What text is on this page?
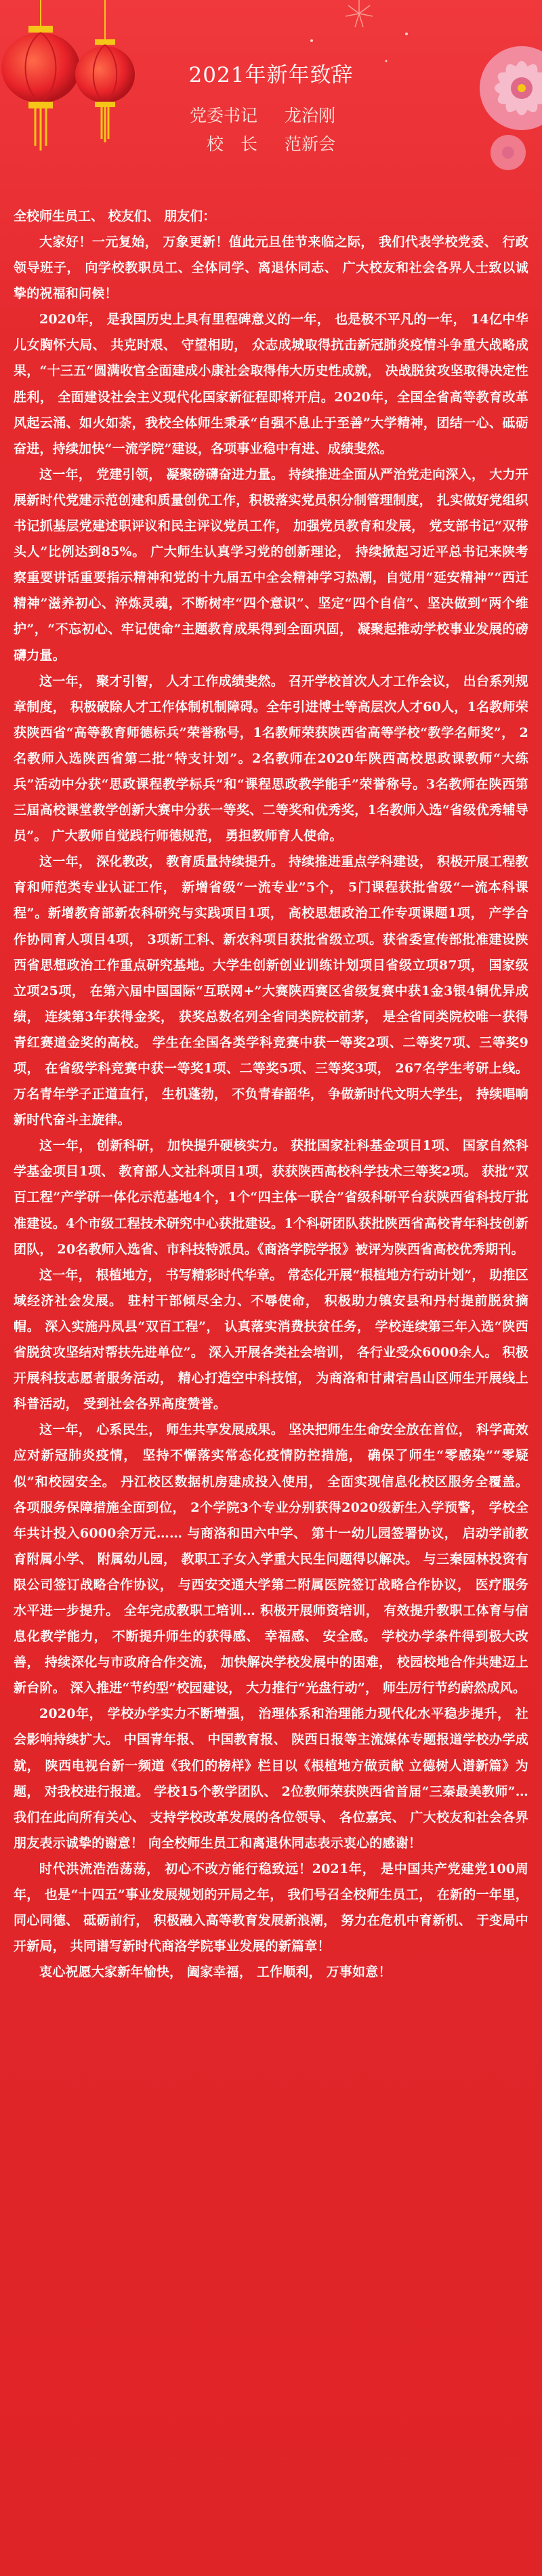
2021年新年致辞
党委书记 龙治刚
校　长 范新会

全校师生员工、 校友们、 朋友们：

大家好！一元复始， 万象更新！值此元旦佳节来临之际， 我们代表学校党委、 行政领导班子， 向学校教职员工、全体同学、离退休同志、 广大校友和社会各界人士致以诚挚的祝福和问候！

2020年， 是我国历史上具有里程碑意义的一年， 也是极不平凡的一年， 14亿中华儿女胸怀大局、 共克时艰、 守望相助， 众志成城取得抗击新冠肺炎疫情斗争重大战略成果，“十三五”圆满收官全面建成小康社会取得伟大历史性成就， 决战脱贫攻坚取得决定性胜利， 全面建设社会主义现代化国家新征程即将开启。2020年，全国全省高等教育改革风起云涌、如火如荼，我校全体师生秉承“自强不息止于至善”大学精神，团结一心、砥砺奋进，持续加快“一流学院”建设，各项事业稳中有进、成绩斐然。

这一年， 党建引领， 凝聚磅礴奋进力量。 持续推进全面从严治党走向深入， 大力开展新时代党建示范创建和质量创优工作，积极落实党员积分制管理制度， 扎实做好党组织书记抓基层党建述职评议和民主评议党员工作， 加强党员教育和发展， 党支部书记“双带头人”比例达到85%。 广大师生认真学习党的创新理论， 持续掀起习近平总书记来陕考察重要讲话重要指示精神和党的十九届五中全会精神学习热潮，自觉用“延安精神”“西迁精神”滋养初心、淬炼灵魂，不断树牢“四个意识”、坚定“四个自信”、坚决做到“两个维护”，“不忘初心、牢记使命”主题教育成果得到全面巩固， 凝聚起推动学校事业发展的磅礴力量。

这一年， 聚才引智， 人才工作成绩斐然。 召开学校首次人才工作会议， 出台系列规章制度， 积极破除人才工作体制机制障碍。全年引进博士等高层次人才60人，1名教师荣获陕西省“高等教育师德标兵”荣誉称号，1名教师荣获陕西省高等学校“教学名师奖”， 2名教师入选陕西省第二批“特支计划”。2名教师在2020年陕西高校思政课教师“大练兵”活动中分获“思政课程教学标兵”和“课程思政教学能手”荣誉称号。3名教师在陕西第三届高校课堂教学创新大赛中分获一等奖、二等奖和优秀奖，1名教师入选“省级优秀辅导员”。 广大教师自觉践行师德规范， 勇担教师育人使命。

这一年， 深化教改， 教育质量持续提升。 持续推进重点学科建设， 积极开展工程教育和师范类专业认证工作， 新增省级“一流专业”5个， 5门课程获批省级“一流本科课程”。新增教育部新农科研究与实践项目1项， 高校思想政治工作专项课题1项， 产学合作协同育人项目4项， 3项新工科、新农科项目获批省级立项。获省委宣传部批准建设陕西省思想政治工作重点研究基地。大学生创新创业训练计划项目省级立项87项， 国家级立项25项， 在第六届中国国际“互联网+”大赛陕西赛区省级复赛中获1金3银4铜优异成绩， 连续第3年获得金奖， 获奖总数名列全省同类院校前茅， 是全省同类院校唯一获得青红赛道金奖的高校。 学生在全国各类学科竞赛中获一等奖2项、二等奖7项、三等奖9项， 在省级学科竞赛中获一等奖1项、二等奖5项、三等奖3项， 267名学生考研上线。万名青年学子正道直行， 生机蓬勃， 不负青春韶华， 争做新时代文明大学生， 持续唱响新时代奋斗主旋律。

这一年， 创新科研， 加快提升硬核实力。 获批国家社科基金项目1项、 国家自然科学基金项目1项、 教育部人文社科项目1项，获获陕西高校科学技术三等奖2项。 获批“双百工程”产学研一体化示范基地4个，1个“四主体一联合”省级科研平台获陕西省科技厅批准建设。4个市级工程技术研究中心获批建设。1个科研团队获批陕西省高校青年科技创新团队， 20名教师入选省、市科技特派员。《商洛学院学报》被评为陕西省高校优秀期刊。

这一年， 根植地方， 书写精彩时代华章。 常态化开展“根植地方行动计划”， 助推区域经济社会发展。 驻村干部倾尽全力、不辱使命， 积极助力镇安县和丹村提前脱贫摘帽。 深入实施丹凤县“双百工程”， 认真落实消费扶贫任务， 学校连续第三年入选“陕西省脱贫攻坚结对帮扶先进单位”。 深入开展各类社会培训， 各行业受众6000余人。 积极开展科技志愿者服务活动， 精心打造空中科技馆， 为商洛和甘肃宕昌山区师生开展线上科普活动， 受到社会各界高度赞誉。

这一年， 心系民生， 师生共享发展成果。 坚决把师生生命安全放在首位， 科学高效应对新冠肺炎疫情， 坚持不懈落实常态化疫情防控措施， 确保了师生“零感染”“零疑似”和校园安全。 丹江校区数据机房建成投入使用， 全面实现信息化校区服务全覆盖。 各项服务保障措施全面到位， 2个学院3个专业分别获得2020级新生入学预警， 学校全年共计投入6000余万元…… 与商洛和田六中学、 第十一幼儿园签署协议， 启动学前教育附属小学、 附属幼儿园， 教职工子女入学重大民生问题得以解决。 与三秦园林投资有限公司签订战略合作协议， 与西安交通大学第二附属医院签订战略合作协议， 医疗服务水平进一步提升。 全年完成教职工培训… 积极开展师资培训， 有效提升教职工体育与信息化教学能力， 不断提升师生的获得感、 幸福感、 安全感。 学校办学条件得到极大改善， 持续深化与市政府合作交流， 加快解决学校发展中的困难， 校园校地合作共建迈上新台阶。 深入推进“节约型”校园建设， 大力推行“光盘行动”， 师生厉行节约蔚然成风。

2020年， 学校办学实力不断增强， 治理体系和治理能力现代化水平稳步提升， 社会影响持续扩大。 中国青年报、 中国教育报、 陕西日报等主流媒体专题报道学校办学成就， 陕西电视台新一频道《我们的榜样》栏目以《根植地方做贡献 立德树人谱新篇》为题， 对我校进行报道。 学校15个教学团队、 2位教师荣获陕西省首届“三秦最美教师”… 我们在此向所有关心、 支持学校改革发展的各位领导、 各位嘉宾、 广大校友和社会各界朋友表示诚挚的谢意！ 向全校师生员工和离退休同志表示衷心的感谢！

时代洪流浩浩荡荡， 初心不改方能行稳致远！2021年， 是中国共产党建党100周年， 也是“十四五”事业发展规划的开局之年， 我们号召全校师生员工， 在新的一年里， 同心同德、 砥砺前行， 积极融入高等教育发展新浪潮， 努力在危机中育新机、 于变局中开新局， 共同谱写新时代商洛学院事业发展的新篇章！

衷心祝愿大家新年愉快， 阖家幸福， 工作顺利， 万事如意！
